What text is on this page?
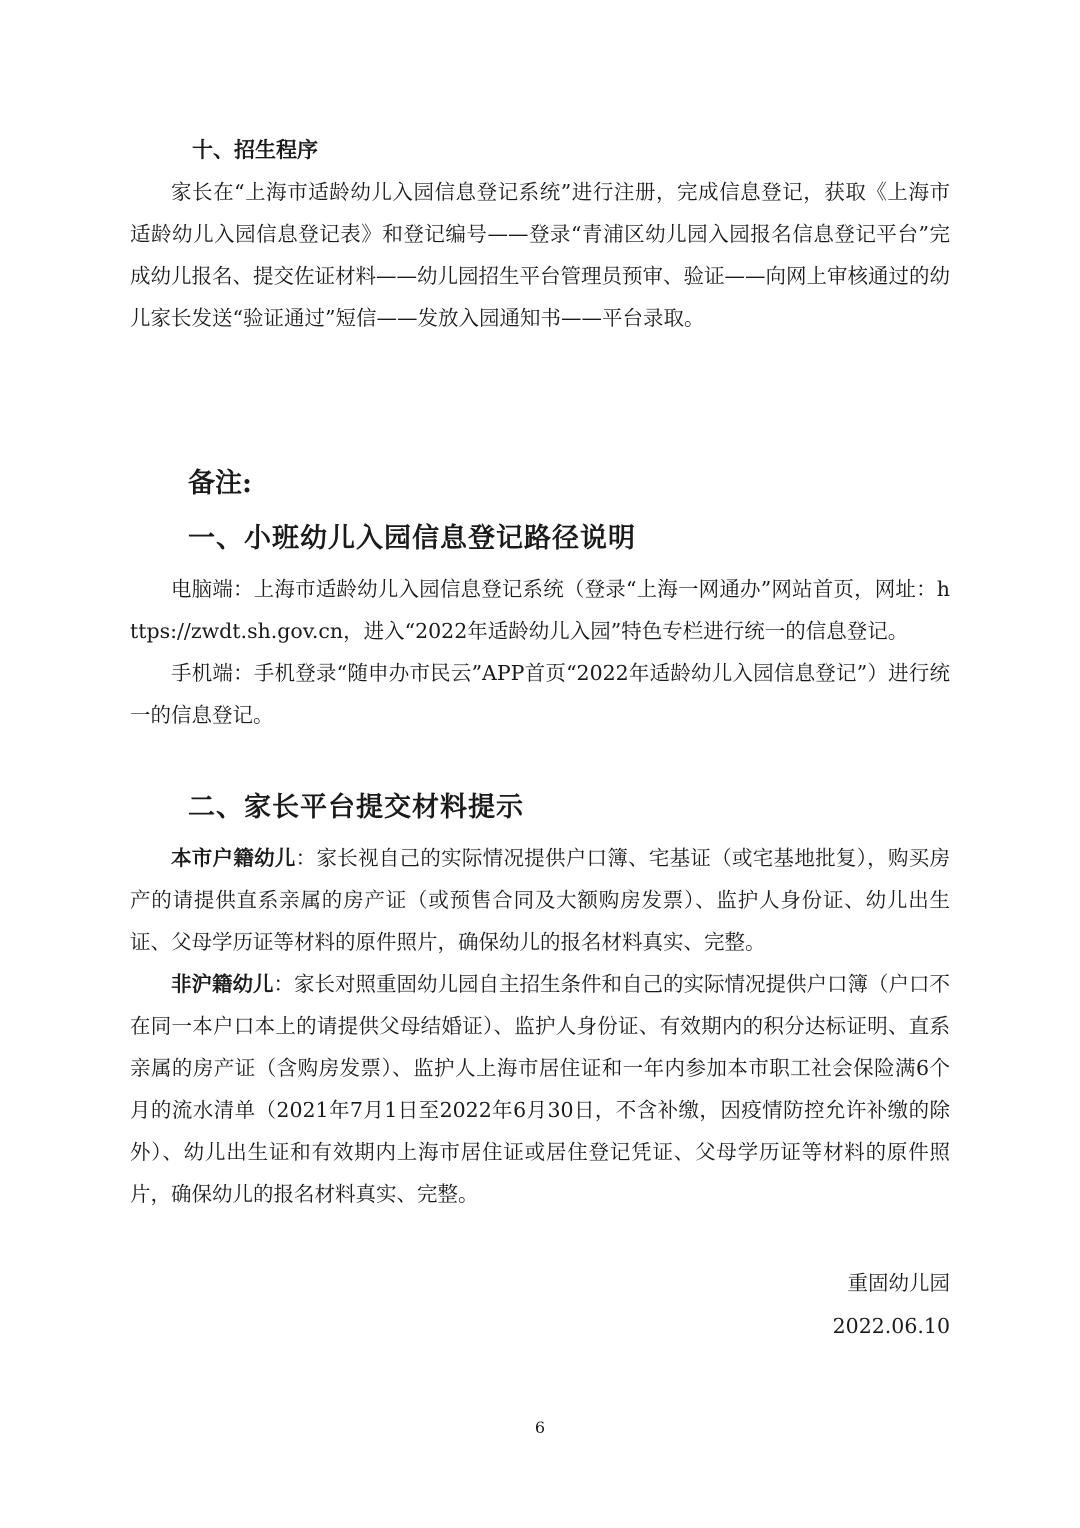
十、招生程序

家长在“上海市适龄幼儿入园信息登记系统”进行注册，完成信息登记，获取《上海市适龄幼儿入园信息登记表》和登记编号——登录“青浦区幼儿园入园报名信息登记平台”完成幼儿报名、提交佐证材料——幼儿园招生平台管理员预审、验证——向网上审核通过的幼儿家长发送“验证通过”短信——发放入园通知书——平台录取。

备注:
一、小班幼儿入园信息登记路径说明

电脑端：上海市适龄幼儿入园信息登记系统（登录“上海一网通办”网站首页，网址：https://zwdt.sh.gov.cn，进入“2022年适龄幼儿入园”特色专栏进行统一的信息登记。

手机端：手机登录“随申办市民云”APP首页“2022年适龄幼儿入园信息登记”）进行统一的信息登记。

二、家长平台提交材料提示

本市户籍幼儿：家长视自己的实际情况提供户口簿、宅基证（或宅基地批复），购买房产的请提供直系亲属的房产证（或预售合同及大额购房发票）、监护人身份证、幼儿出生证、父母学历证等材料的原件照片，确保幼儿的报名材料真实、完整。

非沪籍幼儿：家长对照重固幼儿园自主招生条件和自己的实际情况提供户口簿（户口不在同一本户口本上的请提供父母结婚证）、监护人身份证、有效期内的积分达标证明、直系亲属的房产证（含购房发票）、监护人上海市居住证和一年内参加本市职工社会保险满6个月的流水清单（2021年7月1日至2022年6月30日，不含补缴，因疫情防控允许补缴的除外）、幼儿出生证和有效期内上海市居住证或居住登记凭证、父母学历证等材料的原件照片，确保幼儿的报名材料真实、完整。

重固幼儿园
2022.06.10
6
